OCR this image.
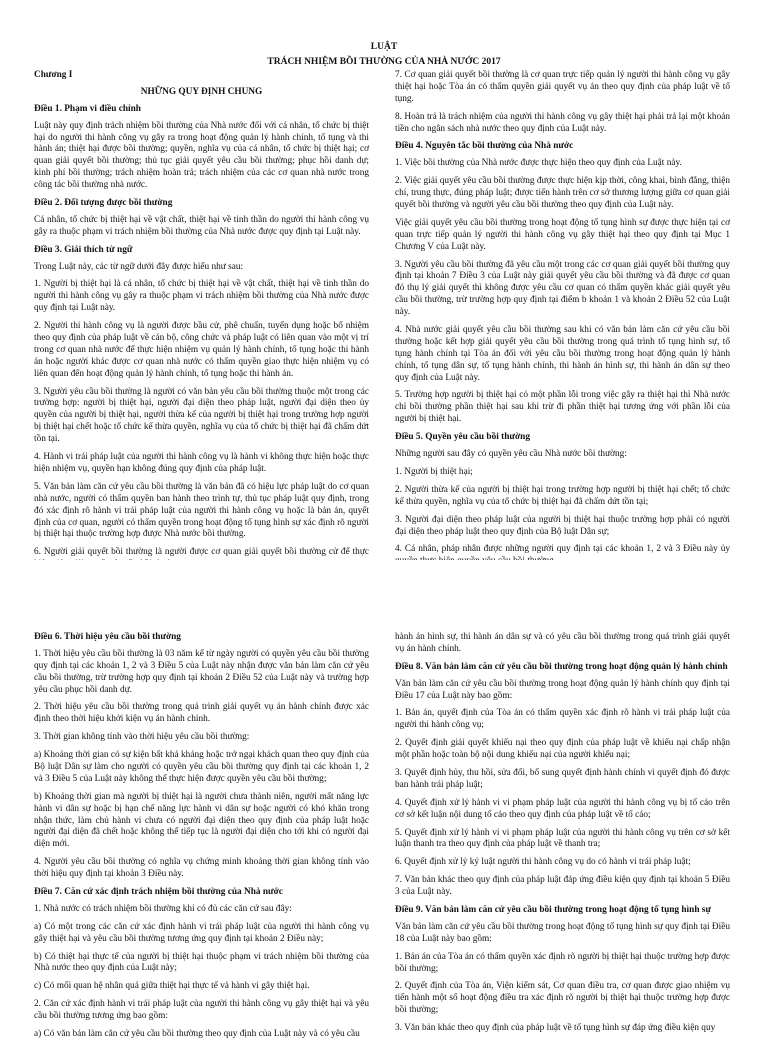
LUẬT
TRÁCH NHIỆM BỒI THƯỜNG CỦA NHÀ NƯỚC 2017

Chương I

NHỮNG QUY ĐỊNH CHUNG

Điều 1. Phạm vi điều chỉnh

Luật này quy định trách nhiệm bồi thường của Nhà nước đối với cá nhân, tổ chức bị thiệt hại do người thi hành công vụ gây ra trong hoạt động quản lý hành chính, tố tụng và thi hành án; thiệt hại được bồi thường; quyền, nghĩa vụ của cá nhân, tổ chức bị thiệt hại; cơ quan giải quyết bồi thường; thủ tục giải quyết yêu cầu bồi thường; phục hồi danh dự; kinh phí bồi thường; trách nhiệm hoàn trả; trách nhiệm của các cơ quan nhà nước trong công tác bồi thường nhà nước.

Điều 2. Đối tượng được bồi thường

Cá nhân, tổ chức bị thiệt hại về vật chất, thiệt hại về tinh thần do người thi hành công vụ gây ra thuộc phạm vi trách nhiệm bồi thường của Nhà nước được quy định tại Luật này.

Điều 3. Giải thích từ ngữ

Trong Luật này, các từ ngữ dưới đây được hiểu như sau:

1. Người bị thiệt hại là cá nhân, tổ chức bị thiệt hại về vật chất, thiệt hại về tinh thần do người thi hành công vụ gây ra thuộc phạm vi trách nhiệm bồi thường của Nhà nước được quy định tại Luật này.

2. Người thi hành công vụ là người được bầu cử, phê chuẩn, tuyển dụng hoặc bổ nhiệm theo quy định của pháp luật về cán bộ, công chức và pháp luật có liên quan vào một vị trí trong cơ quan nhà nước để thực hiện nhiệm vụ quản lý hành chính, tố tụng hoặc thi hành án hoặc người khác được cơ quan nhà nước có thẩm quyền giao thực hiện nhiệm vụ có liên quan đến hoạt động quản lý hành chính, tố tụng hoặc thi hành án.

3. Người yêu cầu bồi thường là người có văn bản yêu cầu bồi thường thuộc một trong các trường hợp: người bị thiệt hại, người đại diện theo pháp luật, người đại diện theo ủy quyền của người bị thiệt hại, người thừa kế của người bị thiệt hại trong trường hợp người bị thiệt hại chết hoặc tổ chức kế thừa quyền, nghĩa vụ của tổ chức bị thiệt hại đã chấm dứt tồn tại.

4. Hành vi trái pháp luật của người thi hành công vụ là hành vi không thực hiện hoặc thực hiện nhiệm vụ, quyền hạn không đúng quy định của pháp luật.

5. Văn bản làm căn cứ yêu cầu bồi thường là văn bản đã có hiệu lực pháp luật do cơ quan nhà nước, người có thẩm quyền ban hành theo trình tự, thủ tục pháp luật quy định, trong đó xác định rõ hành vi trái pháp luật của người thi hành công vụ hoặc là bản án, quyết định của cơ quan, người có thẩm quyền trong hoạt động tố tụng hình sự xác định rõ người bị thiệt hại thuộc trường hợp được Nhà nước bồi thường.

6. Người giải quyết bồi thường là người được cơ quan giải quyết bồi thường cử để thực

7. Cơ quan giải quyết bồi thường là cơ quan trực tiếp quản lý người thi hành công vụ gây thiệt hại hoặc Tòa án có thẩm quyền giải quyết vụ án theo quy định của pháp luật về tố tụng.

8. Hoàn trả là trách nhiệm của người thi hành công vụ gây thiệt hại phải trả lại một khoản tiền cho ngân sách nhà nước theo quy định của Luật này.

Điều 4. Nguyên tắc bồi thường của Nhà nước

1. Việc bồi thường của Nhà nước được thực hiện theo quy định của Luật này.

2. Việc giải quyết yêu cầu bồi thường được thực hiện kịp thời, công khai, bình đẳng, thiện chí, trung thực, đúng pháp luật; được tiến hành trên cơ sở thương lượng giữa cơ quan giải quyết bồi thường và người yêu cầu bồi thường theo quy định của Luật này.

Việc giải quyết yêu cầu bồi thường trong hoạt động tố tụng hình sự được thực hiện tại cơ quan trực tiếp quản lý người thi hành công vụ gây thiệt hại theo quy định tại Mục 1 Chương V của Luật này.

3. Người yêu cầu bồi thường đã yêu cầu một trong các cơ quan giải quyết bồi thường quy định tại khoản 7 Điều 3 của Luật này giải quyết yêu cầu bồi thường và đã được cơ quan đó thụ lý giải quyết thì không được yêu cầu cơ quan có thẩm quyền khác giải quyết yêu cầu bồi thường, trừ trường hợp quy định tại điểm b khoản 1 và khoản 2 Điều 52 của Luật này.

4. Nhà nước giải quyết yêu cầu bồi thường sau khi có văn bản làm căn cứ yêu cầu bồi thường hoặc kết hợp giải quyết yêu cầu bồi thường trong quá trình tố tụng hình sự, tố tụng hành chính tại Tòa án đối với yêu cầu bồi thường trong hoạt động quản lý hành chính, tố tụng dân sự, tố tụng hành chính, thi hành án hình sự, thi hành án dân sự theo quy định của Luật này.

5. Trường hợp người bị thiệt hại có một phần lỗi trong việc gây ra thiệt hại thì Nhà nước chỉ bồi thường phần thiệt hại sau khi trừ đi phần thiệt hại tương ứng với phần lỗi của người bị thiệt hại.

Điều 5. Quyền yêu cầu bồi thường

Những người sau đây có quyền yêu cầu Nhà nước bồi thường:

1. Người bị thiệt hại;

2. Người thừa kế của người bị thiệt hại trong trường hợp người bị thiệt hại chết; tổ chức kế thừa quyền, nghĩa vụ của tổ chức bị thiệt hại đã chấm dứt tồn tại;

3. Người đại diện theo pháp luật của người bị thiệt hại thuộc trường hợp phải có người đại diện theo pháp luật theo quy định của Bộ luật Dân sự;

4. Cá nhân, pháp nhân được những người quy định tại các khoản 1, 2 và 3 Điều này ủy

Điều 6. Thời hiệu yêu cầu bồi thường

1. Thời hiệu yêu cầu bồi thường là 03 năm kể từ ngày người có quyền yêu cầu bồi thường quy định tại các khoản 1, 2 và 3 Điều 5 của Luật này nhận được văn bản làm căn cứ yêu cầu bồi thường, trừ trường hợp quy định tại khoản 2 Điều 52 của Luật này và trường hợp yêu cầu phục hồi danh dự.

2. Thời hiệu yêu cầu bồi thường trong quá trình giải quyết vụ án hành chính được xác định theo thời hiệu khởi kiện vụ án hành chính.

3. Thời gian không tính vào thời hiệu yêu cầu bồi thường:

a) Khoảng thời gian có sự kiện bất khả kháng hoặc trở ngại khách quan theo quy định của Bộ luật Dân sự làm cho người có quyền yêu cầu bồi thường quy định tại các khoản 1, 2 và 3 Điều 5 của Luật này không thể thực hiện được quyền yêu cầu bồi thường;

b) Khoảng thời gian mà người bị thiệt hại là người chưa thành niên, người mất năng lực hành vi dân sự hoặc bị hạn chế năng lực hành vi dân sự hoặc người có khó khăn trong nhận thức, làm chủ hành vi chưa có người đại diện theo quy định của pháp luật hoặc người đại diện đã chết hoặc không thể tiếp tục là người đại diện cho tới khi có người đại diện mới.

4. Người yêu cầu bồi thường có nghĩa vụ chứng minh khoảng thời gian không tính vào thời hiệu quy định tại khoản 3 Điều này.

Điều 7. Căn cứ xác định trách nhiệm bồi thường của Nhà nước

1. Nhà nước có trách nhiệm bồi thường khi có đủ các căn cứ sau đây:

a) Có một trong các căn cứ xác định hành vi trái pháp luật của người thi hành công vụ gây thiệt hại và yêu cầu bồi thường tương ứng quy định tại khoản 2 Điều này;

b) Có thiệt hại thực tế của người bị thiệt hại thuộc phạm vi trách nhiệm bồi thường của Nhà nước theo quy định của Luật này;

c) Có mối quan hệ nhân quả giữa thiệt hại thực tế và hành vi gây thiệt hại.

2. Căn cứ xác định hành vi trái pháp luật của người thi hành công vụ gây thiệt hại và yêu cầu bồi thường tương ứng bao gồm:

a) Có văn bản làm căn cứ yêu cầu bồi thường theo quy định của Luật này và có yêu cầu

hành án hình sự, thi hành án dân sự và có yêu cầu bồi thường trong quá trình giải quyết vụ án hành chính.

Điều 8. Văn bản làm căn cứ yêu cầu bồi thường trong hoạt động quản lý hành chính

Văn bản làm căn cứ yêu cầu bồi thường trong hoạt động quản lý hành chính quy định tại Điều 17 của Luật này bao gồm:

1. Bản án, quyết định của Tòa án có thẩm quyền xác định rõ hành vi trái pháp luật của người thi hành công vụ;

2. Quyết định giải quyết khiếu nại theo quy định của pháp luật về khiếu nại chấp nhận một phần hoặc toàn bộ nội dung khiếu nại của người khiếu nại;

3. Quyết định hủy, thu hồi, sửa đổi, bổ sung quyết định hành chính vì quyết định đó được ban hành trái pháp luật;

4. Quyết định xử lý hành vi vi phạm pháp luật của người thi hành công vụ bị tố cáo trên cơ sở kết luận nội dung tố cáo theo quy định của pháp luật về tố cáo;

5. Quyết định xử lý hành vi vi phạm pháp luật của người thi hành công vụ trên cơ sở kết luận thanh tra theo quy định của pháp luật về thanh tra;

6. Quyết định xử lý kỷ luật người thi hành công vụ do có hành vi trái pháp luật;

7. Văn bản khác theo quy định của pháp luật đáp ứng điều kiện quy định tại khoản 5 Điều 3 của Luật này.

Điều 9. Văn bản làm căn cứ yêu cầu bồi thường trong hoạt động tố tụng hình sự

Văn bản làm căn cứ yêu cầu bồi thường trong hoạt động tố tụng hình sự quy định tại Điều 18 của Luật này bao gồm:

1. Bản án của Tòa án có thẩm quyền xác định rõ người bị thiệt hại thuộc trường hợp được bồi thường;

2. Quyết định của Tòa án, Viện kiểm sát, Cơ quan điều tra, cơ quan được giao nhiệm vụ tiến hành một số hoạt động điều tra xác định rõ người bị thiệt hại thuộc trường hợp được bồi thường;

3. Văn bản khác theo quy định của pháp luật về tố tụng hình sự đáp ứng điều kiện quy
